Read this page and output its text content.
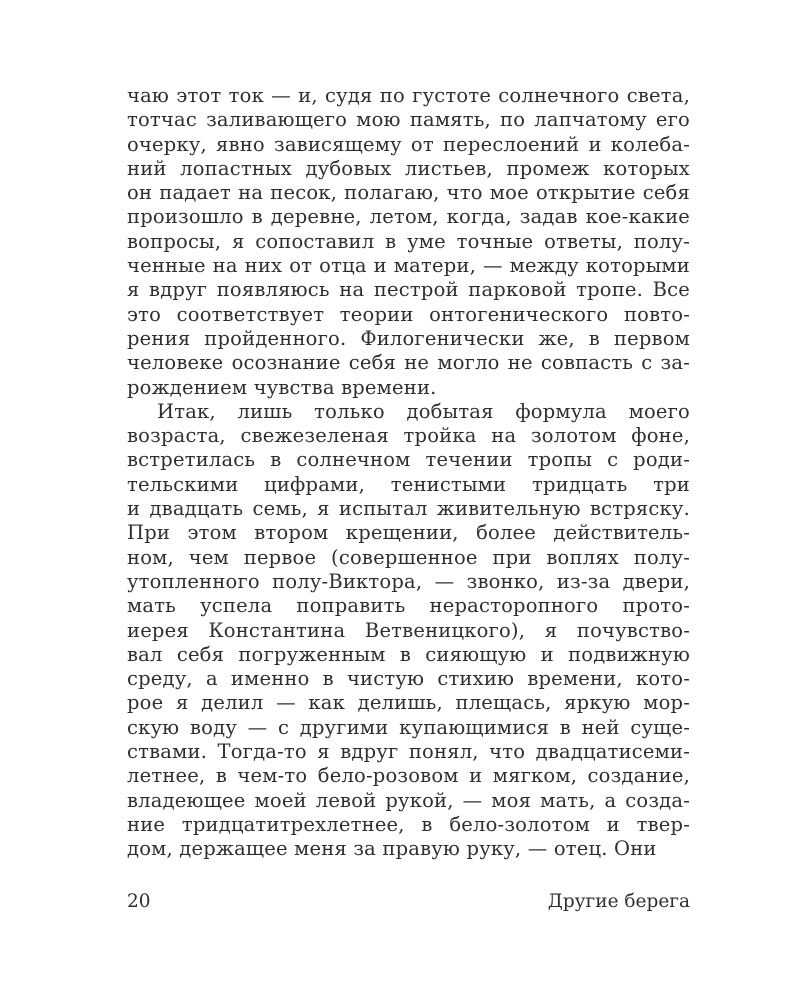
чаю этот ток — и, судя по густоте солнечного света,
тотчас заливающего мою память, по лапчатому его
очерку, явно зависящему от переслоений и колеба-
ний лопастных дубовых листьев, промеж которых
он падает на песок, полагаю, что мое открытие себя
произошло в деревне, летом, когда, задав кое-какие
вопросы, я сопоставил в уме точные ответы, полу-
ченные на них от отца и матери, — между которыми
я вдруг появляюсь на пестрой парковой тропе. Все
это соответствует теории онтогенического повто-
рения пройденного. Филогенически же, в первом
человеке осознание себя не могло не совпасть с за-
рождением чувства времени.
Итак, лишь только добытая формула моего
возраста, свежезеленая тройка на золотом фоне,
встретилась в солнечном течении тропы с роди-
тельскими цифрами, тенистыми тридцать три
и двадцать семь, я испытал живительную встряску.
При этом втором крещении, более действитель-
ном, чем первое (совершенное при воплях полу-
утопленного полу-Виктора, — звонко, из-за двери,
мать успела поправить нерасторопного прото-
иерея Константина Ветвеницкого), я почувство-
вал себя погруженным в сияющую и подвижную
среду, а именно в чистую стихию времени, кото-
рое я делил — как делишь, плещась, яркую мор-
скую воду — с другими купающимися в ней суще-
ствами. Тогда-то я вдруг понял, что двадцатисеми-
летнее, в чем-то бело-розовом и мягком, создание,
владеющее моей левой рукой, — моя мать, а созда-
ние тридцатитрехлетнее, в бело-золотом и твер-
дом, держащее меня за правую руку, — отец. Они
20	Другие берега
